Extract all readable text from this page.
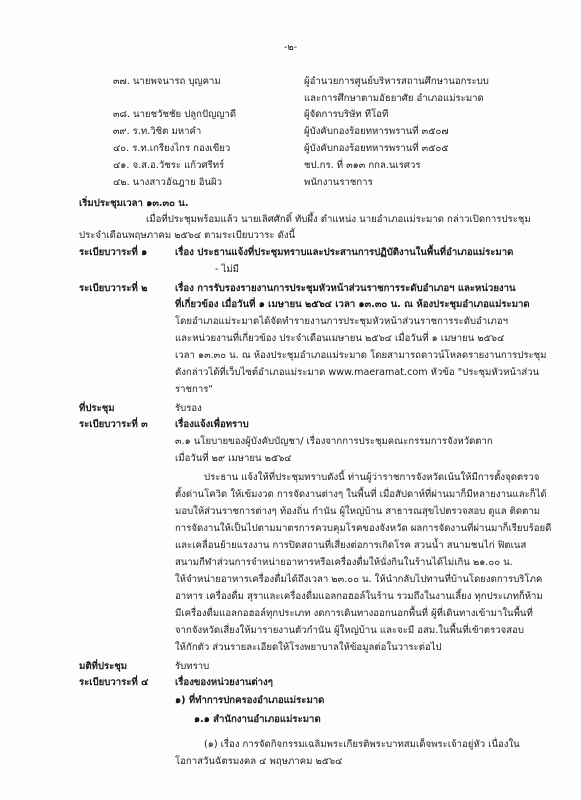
-๒-
๓๗. นายพจนารถ บุญคาม	ผู้อำนวยการศูนย์บริหารสถานศึกษานอกระบบ
และการศึกษาตามอัธยาศัย อำเภอแม่ระมาด
๓๘. นายชวัชชัย ปลูกปัญญาดี	ผู้จัดการบริษัท ทีโอที
๓๙. ร.ท.วิชิต มหาคำ	ผู้บังคับกองร้อยทหารพรานที่ ๓๕๐๗
๔๐. ร.ท.เกรียงไกร กองเขียว	ผู้บังคับกองร้อยทหารพรานที่ ๓๕๐๕
๔๑. จ.ส.อ.วัชระ แก้วศรีทร์	ชป.กร. ที่ ๓๑๓ กกล.นเรศวร
๔๒. นางสาวอัฉฎาย อินผิว	พนักงานราชการ
เริ่มประชุมเวลา ๑๓.๓๐ น.
เมื่อที่ประชุมพร้อมแล้ว นายเลิศศักดิ์ ทับผึ้ง ตำแหน่ง นายอำเภอแม่ระมาด กล่าวเปิดการประชุม
ประจำเดือนพฤษภาคม ๒๕๖๔ ตามระเบียบวาระ ดังนี้
ระเบียบวาระที่ ๑	เรื่อง ประธานแจ้งที่ประชุมทราบและประสานการปฏิบัติงานในพื้นที่อำเภอแม่ระมาด
- ไม่มี
ระเบียบวาระที่ ๒	เรื่อง การรับรองรายงานการประชุมหัวหน้าส่วนราชการระดับอำเภอฯ และหน่วยงาน
ที่เกี่ยวข้อง เมื่อวันที่ ๑ เมษายน ๒๕๖๔ เวลา ๑๓.๓๐ น. ณ ห้องประชุมอำเภอแม่ระมาด
โดยอำเภอแม่ระมาดได้จัดทำรายงานการประชุมหัวหน้าส่วนราชการระดับอำเภอฯ
และหน่วยงานที่เกี่ยวข้อง ประจำเดือนเมษายน ๒๕๖๔ เมื่อวันที่ ๑ เมษายน ๒๕๖๔
เวลา ๑๓.๓๐ น. ณ ห้องประชุมอำเภอแม่ระมาด โดยสามารถดาวน์โหลดรายงานการประชุม
ดังกล่าวได้ที่เว็บไซต์อำเภอแม่ระมาด www.maeramat.com หัวข้อ "ประชุมหัวหน้าส่วน
ราชการ"
ที่ประชุม	รับรอง
ระเบียบวาระที่ ๓	เรื่องแจ้งเพื่อทราบ
๓.๑ นโยบายของผู้บังคับบัญชา/ เรื่องจากการประชุมคณะกรรมการจังหวัดตาก
เมื่อวันที่ ๒๙ เมษายน ๒๕๖๔
ประธาน แจ้งให้ที่ประชุมทราบดังนี้ ท่านผู้ว่าราชการจังหวัดเน้นให้มีการตั้งจุดตรวจ
ตั้งด่านโควิด ให้เข้มงวด การจัดงานต่างๆ ในพื้นที่ เมื่อสัปดาห์ที่ผ่านมาก็มีหลายงานและก็ได้
มอบให้ส่วนราชการต่างๆ ท้องถิ่น กำนัน ผู้ใหญ่บ้าน สาธารณสุขไปตรวจสอบ ดูแล ติดตาม
การจัดงานให้เป็นไปตามมาตรการควบคุมโรคของจังหวัด ผลการจัดงานที่ผ่านมาก็เรียบร้อยดี
และเคลื่อนย้ายแรงงาน การปิดสถานที่เสี่ยงต่อการเกิดโรค สวนน้ำ สนามชนไก่ ฟิตเนส
สนามกีฬาส่วนการจำหน่ายอาหารหรือเครื่องดื่มให้นั่งกินในร้านได้ไม่เกิน ๒๑.๐๐ น.
ให้จำหน่ายอาหารเครื่องดื่มได้ถึงเวลา ๒๓.๐๐ น. ให้นำกลับไปทานที่บ้านโดยงดการบริโภค
อาหาร เครื่องดื่ม สุราและเครื่องดื่มแอลกอฮอล์ในร้าน รวมถึงในงานเลี้ยง ทุกประเภทก็ห้าม
มีเครื่องดื่มแอลกอฮอล์ทุกประเภท งดการเดินทางออกนอกพื้นที่ ผู้ที่เดินทางเข้ามาในพื้นที่
จากจังหวัดเสี่ยงให้มารายงานตัวกำนัน ผู้ใหญ่บ้าน และจะมี อสม.ในพื้นที่เข้าตรวจสอบ
ให้กักตัว ส่วนรายละเอียดให้โรงพยาบาลให้ข้อมูลต่อในวาระต่อไป
มติที่ประชุม	รับทราบ
ระเบียบวาระที่ ๔	เรื่องของหน่วยงานต่างๆ
๑) ที่ทำการปกครองอำเภอแม่ระมาด
๑.๑ สำนักงานอำเภอแม่ระมาด
(๑) เรื่อง การจัดกิจกรรมเฉลิมพระเกียรติพระบาทสมเด็จพระเจ้าอยู่หัว เนื่องใน
โอกาสวันฉัตรมงคล ๔ พฤษภาคม ๒๕๖๔
